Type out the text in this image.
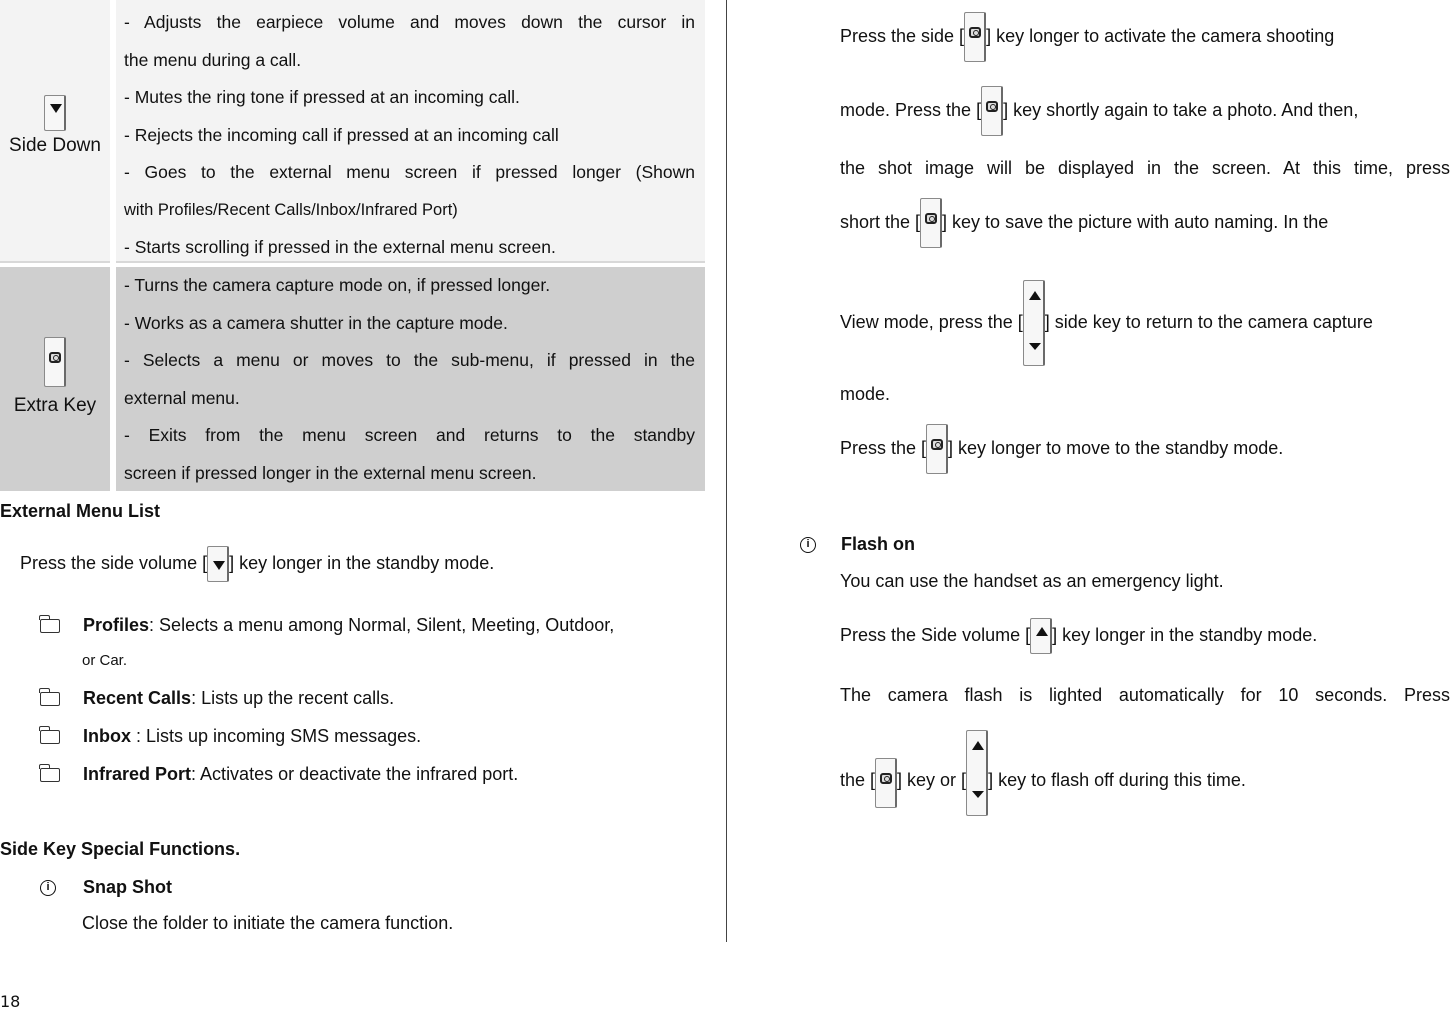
Side Down
- Adjusts the earpiece volume and moves down the cursor in
the menu during a call.
- Mutes the ring tone if pressed at an incoming call.
- Rejects the incoming call if pressed at an incoming call
- Goes to the external menu screen if pressed longer (Shown
with Profiles/Recent Calls/Inbox/Infrared Port)
- Starts scrolling if pressed in the external menu screen.
Extra Key
- Turns the camera capture mode on, if pressed longer.
- Works as a camera shutter in the capture mode.
- Selects a menu or moves to the sub-menu, if pressed in the
external menu.
- Exits from the menu screen and returns to the standby
screen if pressed longer in the external menu screen.
External Menu List
Press the side volume [ ] key longer in the standby mode.
Profiles: Selects a menu among Normal, Silent, Meeting, Outdoor,
or Car.
Recent Calls: Lists up the recent calls.
Inbox : Lists up incoming SMS messages.
Infrared Port: Activates or deactivate the infrared port.
Side Key Special Functions.
i Snap Shot
Close the folder to initiate the camera function.
18
Press the side [ ] key longer to activate the camera shooting
mode. Press the [ ] key shortly again to take a photo. And then,
the shot image will be displayed in the screen. At this time, press
short the [ ] key to save the picture with auto naming. In the
View mode, press the [ ] side key to return to the camera capture
mode.
Press the [ ] key longer to move to the standby mode.
i Flash on
You can use the handset as an emergency light.
Press the Side volume [ ] key longer in the standby mode.
The camera flash is lighted automatically for 10 seconds. Press
the [ ] key or [ ] key to flash off during this time.
